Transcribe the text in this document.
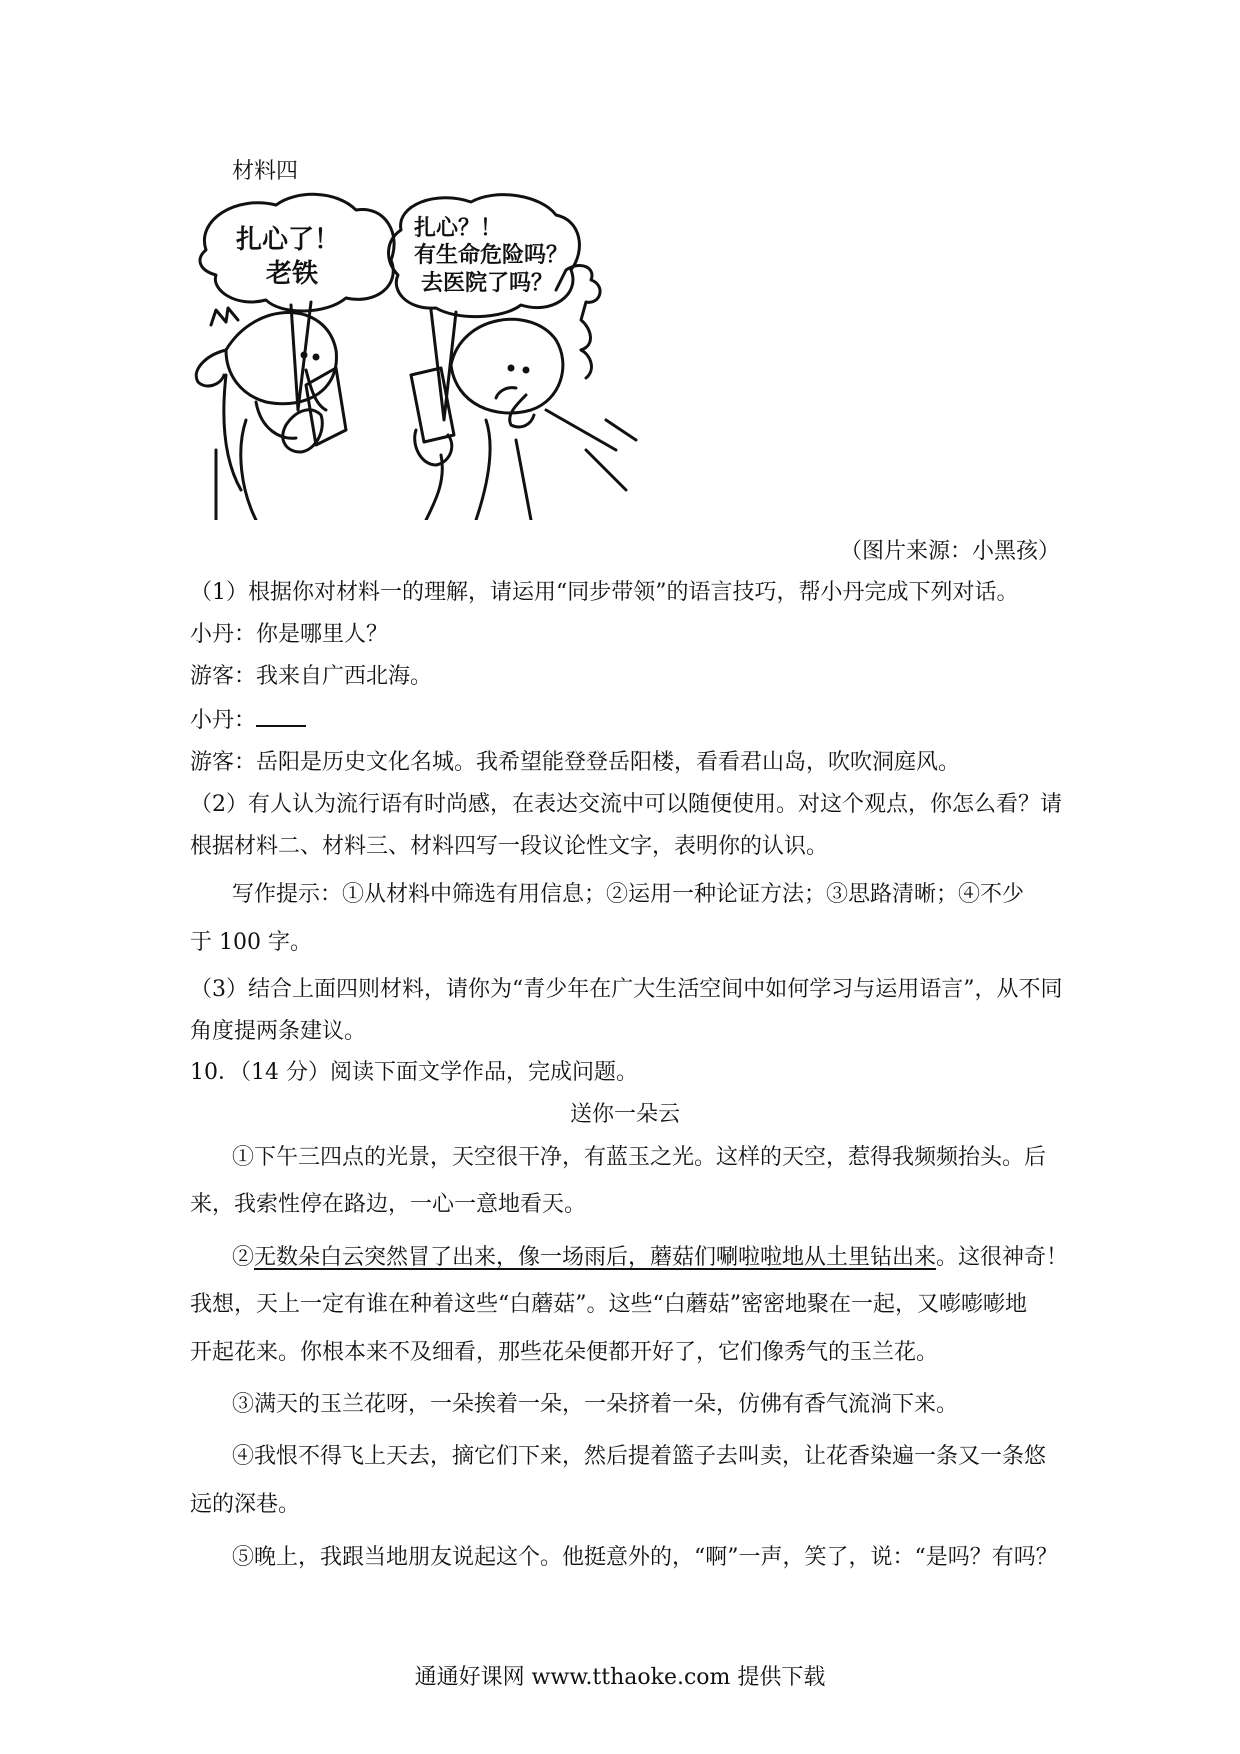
材料四
扎心了！
老铁
扎心？！
有生命危险吗？
去医院了吗？
（图片来源：小黑孩）
（1）根据你对材料一的理解，请运用“同步带领”的语言技巧，帮小丹完成下列对话。
小丹：你是哪里人？
游客：我来自广西北海。
小丹：
游客：岳阳是历史文化名城。我希望能登登岳阳楼，看看君山岛，吹吹洞庭风。
（2）有人认为流行语有时尚感，在表达交流中可以随便使用。对这个观点，你怎么看？请
根据材料二、材料三、材料四写一段议论性文字，表明你的认识。
写作提示：①从材料中筛选有用信息；②运用一种论证方法；③思路清晰；④不少
于 100 字。
（3）结合上面四则材料，请你为“青少年在广大生活空间中如何学习与运用语言”，从不同
角度提两条建议。
10．（14 分）阅读下面文学作品，完成问题。
送你一朵云
①下午三四点的光景，天空很干净，有蓝玉之光。这样的天空，惹得我频频抬头。后
来，我索性停在路边，一心一意地看天。
②无数朵白云突然冒了出来，像一场雨后，蘑菇们唰啦啦地从土里钻出来。这很神奇！
我想，天上一定有谁在种着这些“白蘑菇”。这些“白蘑菇”密密地聚在一起，又嘭嘭嘭地
开起花来。你根本来不及细看，那些花朵便都开好了，它们像秀气的玉兰花。
③满天的玉兰花呀，一朵挨着一朵，一朵挤着一朵，仿佛有香气流淌下来。
④我恨不得飞上天去，摘它们下来，然后提着篮子去叫卖，让花香染遍一条又一条悠
远的深巷。
⑤晚上，我跟当地朋友说起这个。他挺意外的，“啊”一声，笑了，说：“是吗？有吗？
通通好课网 www.tthaoke.com 提供下载
